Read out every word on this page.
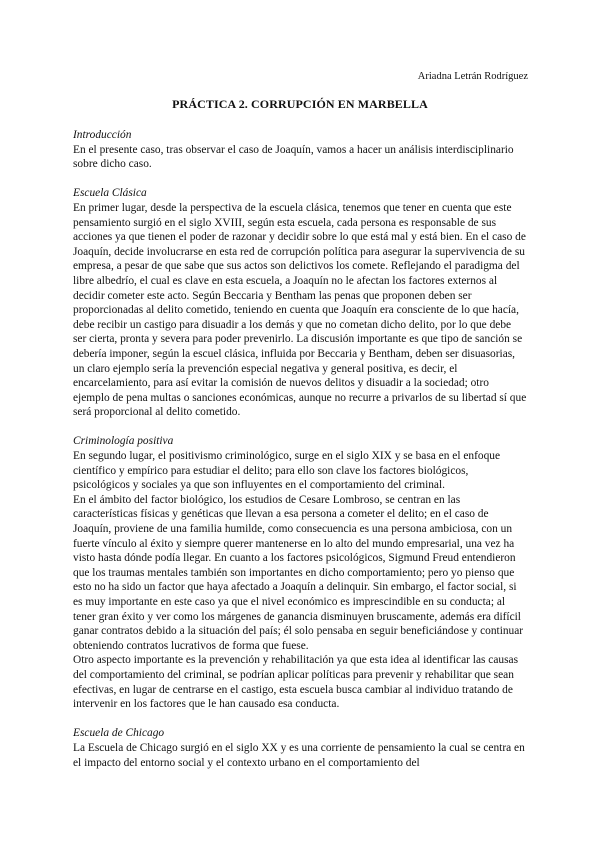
Ariadna Letrán Rodríguez
PRÁCTICA 2. CORRUPCIÓN EN MARBELLA
Introducción
En el presente caso, tras observar el caso de Joaquín, vamos a hacer un análisis interdisciplinario sobre dicho caso.
Escuela Clásica
En primer lugar, desde la perspectiva de la escuela clásica, tenemos que tener en cuenta que este pensamiento surgió en el siglo XVIII, según esta escuela, cada persona es responsable de sus acciones ya que tienen el poder de razonar y decidir sobre lo que está mal y está bien. En el caso de Joaquín, decide involucrarse en esta red de corrupción política para asegurar la supervivencia de su empresa, a pesar de que sabe que sus actos son delictivos los comete. Reflejando el paradigma del libre albedrío, el cual es clave en esta escuela, a Joaquín no le afectan los factores externos al decidir cometer este acto. Según Beccaria y Bentham las penas que proponen deben ser proporcionadas al delito cometido, teniendo en cuenta que Joaquín era consciente de lo que hacía, debe recibir un castigo para disuadir a los demás y que no cometan dicho delito, por lo que debe ser cierta, pronta y severa para poder prevenirlo. La discusión importante es que tipo de sanción se debería imponer, según la escuel clásica, influida por Beccaria y Bentham, deben ser disuasorias, un claro ejemplo sería la prevención especial negativa y general positiva, es decir, el encarcelamiento, para así evitar la comisión de nuevos delitos y disuadir a la sociedad; otro ejemplo de pena multas o sanciones económicas, aunque no recurre a privarlos de su libertad sí que será proporcional al delito cometido.
Criminología positiva
En segundo lugar, el positivismo criminológico, surge en el siglo XIX y se basa en el enfoque científico y empírico para estudiar el delito; para ello son clave los factores biológicos, psicológicos y sociales ya que son influyentes en el comportamiento del criminal.
En el ámbito del factor biológico, los estudios de Cesare Lombroso, se centran en las características físicas y genéticas que llevan a esa persona a cometer el delito; en el caso de Joaquín, proviene de una familia humilde, como consecuencia es una persona ambiciosa, con un fuerte vínculo al éxito y siempre querer mantenerse en lo alto del mundo empresarial, una vez ha visto hasta dónde podía llegar. En cuanto a los factores psicológicos, Sigmund Freud entendieron que los traumas mentales también son importantes en dicho comportamiento; pero yo pienso que esto no ha sido un factor que haya afectado a Joaquín a delinquir. Sin embargo, el factor social, si es muy importante en este caso ya que el nivel económico es imprescindible en su conducta; al tener gran éxito y ver como los márgenes de ganancia disminuyen bruscamente, además era difícil ganar contratos debido a la situación del país; él solo pensaba en seguir beneficiándose y continuar obteniendo contratos lucrativos de forma que fuese.
Otro aspecto importante es la prevención y rehabilitación ya que esta idea al identificar las causas del comportamiento del criminal, se podrían aplicar políticas para prevenir y rehabilitar que sean efectivas, en lugar de centrarse en el castigo, esta escuela busca cambiar al individuo tratando de intervenir en los factores que le han causado esa conducta.
Escuela de Chicago
La Escuela de Chicago surgió en el siglo XX y es una corriente de pensamiento la cual se centra en el impacto del entorno social y el contexto urbano en el comportamiento del
